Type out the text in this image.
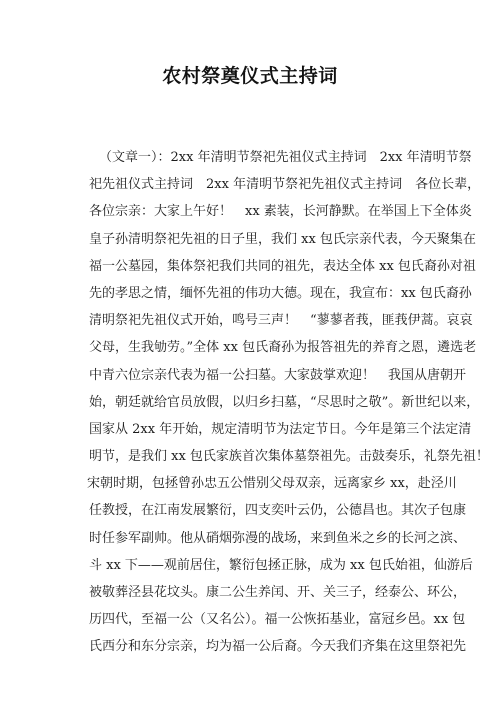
农村祭奠仪式主持词
（文章一）：2xx 年清明节祭祀先祖仪式主持词　2xx 年清明节祭
祀先祖仪式主持词　2xx 年清明节祭祀先祖仪式主持词　各位长辈，
各位宗亲：大家上午好！　xx 素装，长河静默。在举国上下全体炎
皇子孙清明祭祀先祖的日子里，我们 xx 包氏宗亲代表，今天聚集在
福一公墓园，集体祭祀我们共同的祖先，表达全体 xx 包氏裔孙对祖
先的孝思之情，缅怀先祖的伟功大德。现在，我宣布：xx 包氏裔孙
清明祭祀先祖仪式开始，鸣号三声！　“蓼蓼者莪，匪莪伊蒿。哀哀
父母，生我劬劳。”全体 xx 包氏裔孙为报答祖先的养育之恩，遴选老
中青六位宗亲代表为福一公扫墓。大家鼓掌欢迎！　我国从唐朝开
始，朝廷就给官员放假，以归乡扫墓，“尽思时之敬”。新世纪以来，
国家从 2xx 年开始，规定清明节为法定节日。今年是第三个法定清
明节，是我们 xx 包氏家族首次集体墓祭祖先。击鼓奏乐，礼祭先祖！
宋朝时期，包拯曾孙忠五公惜别父母双亲，远离家乡 xx，赴泾川
任教授，在江南发展繁衍，四支奕叶云仍，公德昌也。其次子包康
时任参军副帅。他从硝烟弥漫的战场，来到鱼米之乡的长河之滨、
斗 xx 下——观前居住，繁衍包拯正脉，成为 xx 包氏始祖，仙游后
被敬葬泾县花坟头。康二公生养闰、开、关三子，经泰公、环公，
历四代，至福一公（又名公）。福一公恢拓基业，富冠乡邑。xx 包
氏西分和东分宗亲，均为福一公后裔。今天我们齐集在这里祭祀先
